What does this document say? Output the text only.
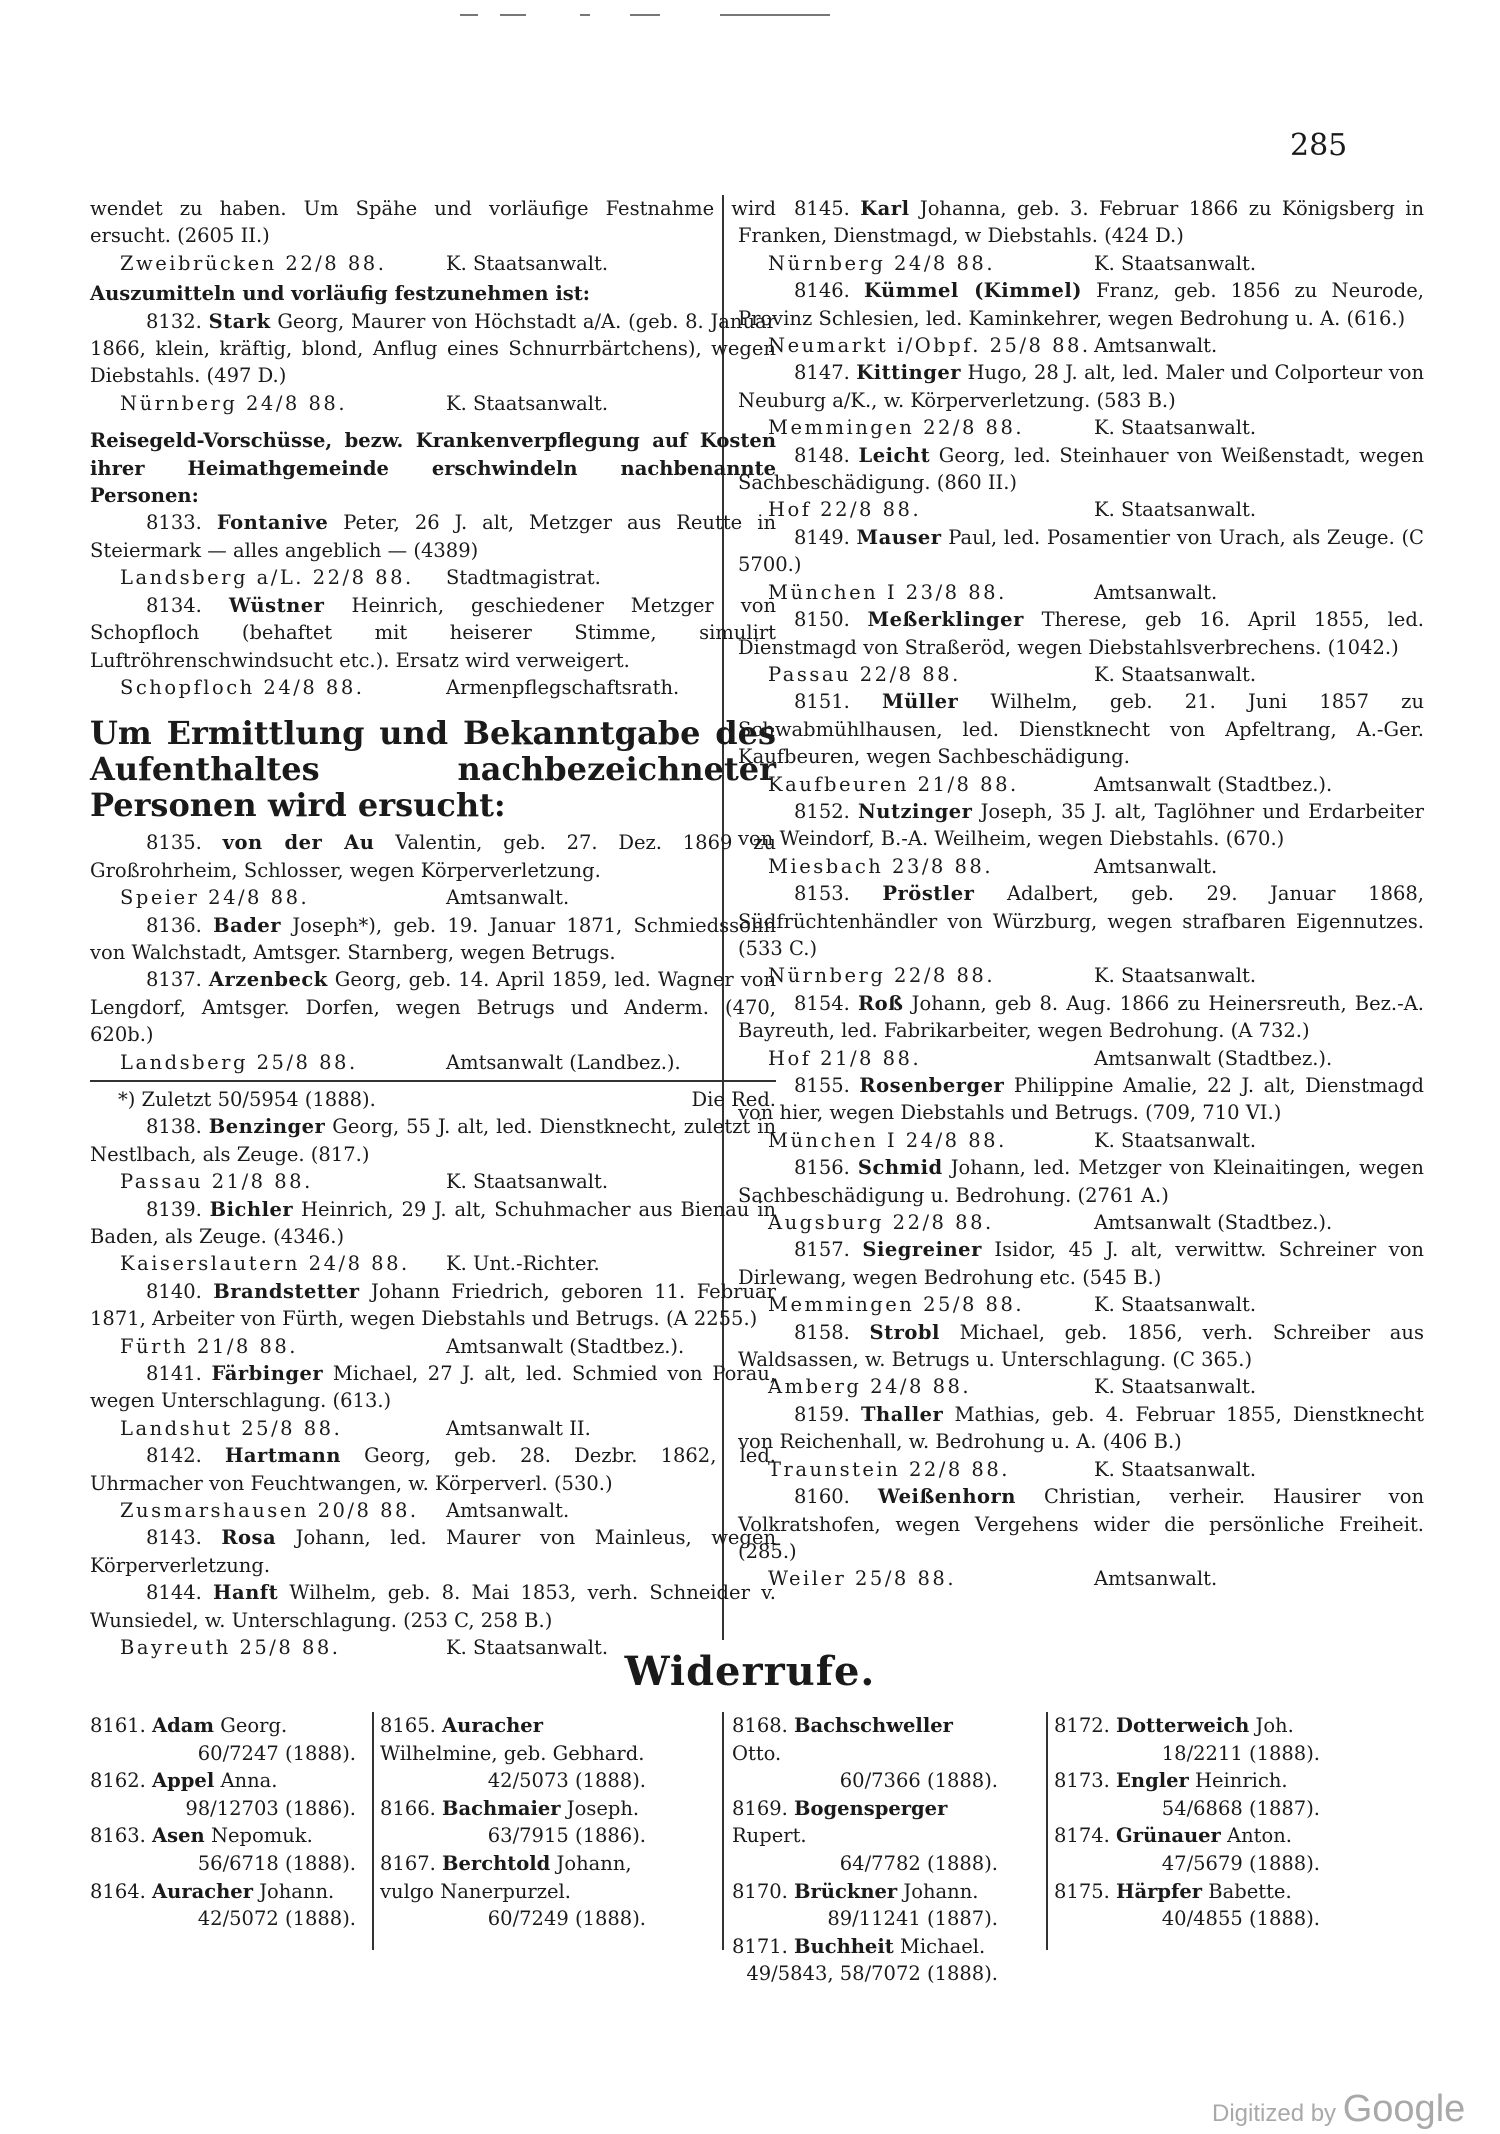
285
wendet zu haben. Um Spähe und vorläufige Festnahme wird ersucht. (2605 II.)
Zweibrücken 22/8 88.	K. Staatsanwalt.
Auszumitteln und vorläufig festzunehmen ist:
8132. Stark Georg, Maurer von Höchstadt a/A. (geb. 8. Januar 1866, klein, kräftig, blond, Anflug eines Schnurrbärtchens), wegen Diebstahls. (497 D.)
Nürnberg 24/8 88.	K. Staatsanwalt.
Reisegeld-Vorschüsse, bezw. Krankenverpflegung auf Kosten ihrer Heimathgemeinde erschwindeln nachbenannte Personen:
8133. Fontanive Peter, 26 J. alt, Metzger aus Reutte in Steiermark — alles angeblich — (4389)
Landsberg a/L. 22/8 88.	Stadtmagistrat.
8134. Wüstner Heinrich, geschiedener Metzger von Schopfloch (behaftet mit heiserer Stimme, simulirt Luftröhrenschwindsucht etc.). Ersatz wird verweigert.
Schopfloch 24/8 88.	Armenpflegschaftsrath.
Um Ermittlung und Bekanntgabe des Aufenthaltes nachbezeichneter Personen wird ersucht:
8135. von der Au Valentin, geb. 27. Dez. 1869 zu Großrohrheim, Schlosser, wegen Körperverletzung.
Speier 24/8 88.	Amtsanwalt.
8136. Bader Joseph*), geb. 19. Januar 1871, Schmiedssohn von Walchstadt, Amtsger. Starnberg, wegen Betrugs.
8137. Arzenbeck Georg, geb. 14. April 1859, led. Wagner von Lengdorf, Amtsger. Dorfen, wegen Betrugs und Anderm. (470, 620b.)
Landsberg 25/8 88.	Amtsanwalt (Landbez.).
*) Zuletzt 50/5954 (1888).	Die Red.
8138. Benzinger Georg, 55 J. alt, led. Dienstknecht, zuletzt in Nestlbach, als Zeuge. (817.)
Passau 21/8 88.	K. Staatsanwalt.
8139. Bichler Heinrich, 29 J. alt, Schuhmacher aus Bienau in Baden, als Zeuge. (4346.)
Kaiserslautern 24/8 88.	K. Unt.-Richter.
8140. Brandstetter Johann Friedrich, geboren 11. Februar 1871, Arbeiter von Fürth, wegen Diebstahls und Betrugs. (A 2255.)
Fürth 21/8 88.	Amtsanwalt (Stadtbez.).
8141. Färbinger Michael, 27 J. alt, led. Schmied von Porau, wegen Unterschlagung. (613.)
Landshut 25/8 88.	Amtsanwalt II.
8142. Hartmann Georg, geb. 28. Dezbr. 1862, led. Uhrmacher von Feuchtwangen, w. Körperverl. (530.)
Zusmarshausen 20/8 88.	Amtsanwalt.
8143. Rosa Johann, led. Maurer von Mainleus, wegen Körperverletzung.
8144. Hanft Wilhelm, geb. 8. Mai 1853, verh. Schneider v. Wunsiedel, w. Unterschlagung. (253 C, 258 B.)
Bayreuth 25/8 88.	K. Staatsanwalt.
8145. Karl Johanna, geb. 3. Februar 1866 zu Königsberg in Franken, Dienstmagd, w Diebstahls. (424 D.)
Nürnberg 24/8 88.	K. Staatsanwalt.
8146. Kümmel (Kimmel) Franz, geb. 1856 zu Neurode, Provinz Schlesien, led. Kaminkehrer, wegen Bedrohung u. A. (616.)
Neumarkt i/Obpf. 25/8 88. Amtsanwalt.
8147. Kittinger Hugo, 28 J. alt, led. Maler und Colporteur von Neuburg a/K., w. Körperverletzung. (583 B.)
Memmingen 22/8 88.	K. Staatsanwalt.
8148. Leicht Georg, led. Steinhauer von Weißenstadt, wegen Sachbeschädigung. (860 II.)
Hof 22/8 88.	K. Staatsanwalt.
8149. Mauser Paul, led. Posamentier von Urach, als Zeuge. (C 5700.)
München I 23/8 88.	Amtsanwalt.
8150. Meßerklinger Therese, geb 16. April 1855, led. Dienstmagd von Straßeröd, wegen Diebstahlsverbrechens. (1042.)
Passau 22/8 88.	K. Staatsanwalt.
8151. Müller Wilhelm, geb. 21. Juni 1857 zu Schwabmühlhausen, led. Dienstknecht von Apfeltrang, A.-Ger. Kaufbeuren, wegen Sachbeschädigung.
Kaufbeuren 21/8 88.	Amtsanwalt (Stadtbez.).
8152. Nutzinger Joseph, 35 J. alt, Taglöhner und Erdarbeiter von Weindorf, B.-A. Weilheim, wegen Diebstahls. (670.)
Miesbach 23/8 88.	Amtsanwalt.
8153. Pröstler Adalbert, geb. 29. Januar 1868, Südfrüchtenhändler von Würzburg, wegen strafbaren Eigennutzes. (533 C.)
Nürnberg 22/8 88.	K. Staatsanwalt.
8154. Roß Johann, geb 8. Aug. 1866 zu Heinersreuth, Bez.-A. Bayreuth, led. Fabrikarbeiter, wegen Bedrohung. (A 732.)
Hof 21/8 88.	Amtsanwalt (Stadtbez.).
8155. Rosenberger Philippine Amalie, 22 J. alt, Dienstmagd von hier, wegen Diebstahls und Betrugs. (709, 710 VI.)
München I 24/8 88.	K. Staatsanwalt.
8156. Schmid Johann, led. Metzger von Kleinaitingen, wegen Sachbeschädigung u. Bedrohung. (2761 A.)
Augsburg 22/8 88.	Amtsanwalt (Stadtbez.).
8157. Siegreiner Isidor, 45 J. alt, verwittw. Schreiner von Dirlewang, wegen Bedrohung etc. (545 B.)
Memmingen 25/8 88.	K. Staatsanwalt.
8158. Strobl Michael, geb. 1856, verh. Schreiber aus Waldsassen, w. Betrugs u. Unterschlagung. (C 365.)
Amberg 24/8 88.	K. Staatsanwalt.
8159. Thaller Mathias, geb. 4. Februar 1855, Dienstknecht von Reichenhall, w. Bedrohung u. A. (406 B.)
Traunstein 22/8 88.	K. Staatsanwalt.
8160. Weißenhorn Christian, verheir. Hausirer von Volkratshofen, wegen Vergehens wider die persönliche Freiheit. (285.)
Weiler 25/8 88.	Amtsanwalt.
Widerrufe.
8161. Adam Georg.
60/7247 (1888).
8162. Appel Anna.
98/12703 (1886).
8163. Asen Nepomuk.
56/6718 (1888).
8164. Auracher Johann.
42/5072 (1888).
8165. Auracher Wilhelmine, geb. Gebhard.
42/5073 (1888).
8166. Bachmaier Joseph.
63/7915 (1886).
8167. Berchtold Johann, vulgo Nanerpurzel.
60/7249 (1888).
8168. Bachschweller Otto.
60/7366 (1888).
8169. Bogensperger Rupert.
64/7782 (1888).
8170. Brückner Johann.
89/11241 (1887).
8171. Buchheit Michael.
49/5843, 58/7072 (1888).
8172. Dotterweich Joh.
18/2211 (1888).
8173. Engler Heinrich.
54/6868 (1887).
8174. Grünauer Anton.
47/5679 (1888).
8175. Härpfer Babette.
40/4855 (1888).
Digitized by Google
